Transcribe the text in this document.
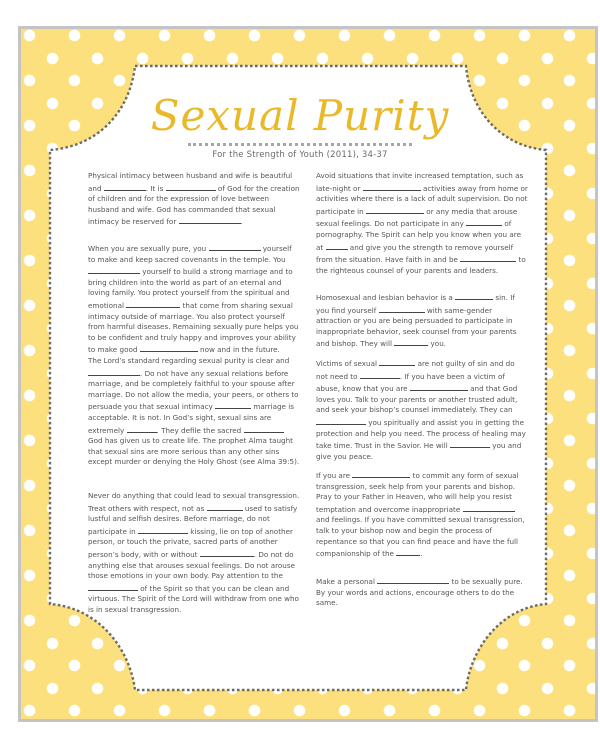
Sexual Purity
For the Strength of Youth (2011), 34-37

Physical intimacy between husband and wife is beautiful and	. It is	of God for the creation of children and for the expression of love between husband and wife. God has commanded that sexual intimacy be reserved for	.

When you are sexually pure, you	yourself to make and keep sacred covenants in the temple. You  yourself to build a strong marriage and to bring children into the world as part of an eternal and loving family. You protect yourself from the spiritual and emotional	that come from sharing sexual intimacy outside of marriage. You also protect yourself from harmful diseases. Remaining sexually pure helps you to be confident and truly happy and improves your ability to make good	now and in the future.

The Lord’s standard regarding sexual purity is clear and . Do not have any sexual relations before marriage, and be completely faithful to your spouse after marriage. Do not allow the media, your peers, or others to persuade you that sexual intimacy	marriage is acceptable. It is not. In God’s sight, sexual sins are extremely	. They defile the sacred  God has given us to create life. The prophet Alma taught that sexual sins are more serious than any other sins except murder or denying the Holy Ghost (see Alma 39:5).

Never do anything that could lead to sexual transgression. Treat others with respect, not as	used to satisfy lustful and selfish desires. Before marriage, do not participate in	kissing, lie on top of another person, or touch the private, sacred parts of another person’s body, with or without	. Do not do anything else that arouses sexual feelings. Do not arouse those emotions in your own body. Pay attention to the  of the Spirit so that you can be clean and virtuous. The Spirit of the Lord will withdraw from one who is in sexual transgression.

Avoid situations that invite increased temptation, such as late-night or	activities away from home or activities where there is a lack of adult supervision. Do not participate in	or any media that arouse sexual feelings. Do not participate in any	of pornography. The Spirit can help you know when you are at	and give you the strength to remove yourself from the situation. Have faith in and be	to the righteous counsel of your parents and leaders.

Homosexual and lesbian behavior is a	sin. If you find yourself	with same-gender attraction or you are being persuaded to participate in inappropriate behavior, seek counsel from your parents and bishop. They will	you.

Victims of sexual	are not guilty of sin and do not need to	. If you have been a victim of abuse, know that you are	and that God loves you. Talk to your parents or another trusted adult, and seek your bishop’s counsel immediately. They can  you spiritually and assist you in getting the protection and help you need. The process of healing may take time. Trust in the Savior. He will	you and give you peace.

If you are	to commit any form of sexual transgression, seek help from your parents and bishop. Pray to your Father in Heaven, who will help you resist temptation and overcome inappropriate  and feelings. If you have committed sexual transgression, talk to your bishop now and begin the process of repentance so that you can find peace and have the full companionship of the	.

Make a personal	to be sexually pure. By your words and actions, encourage others to do the same.
